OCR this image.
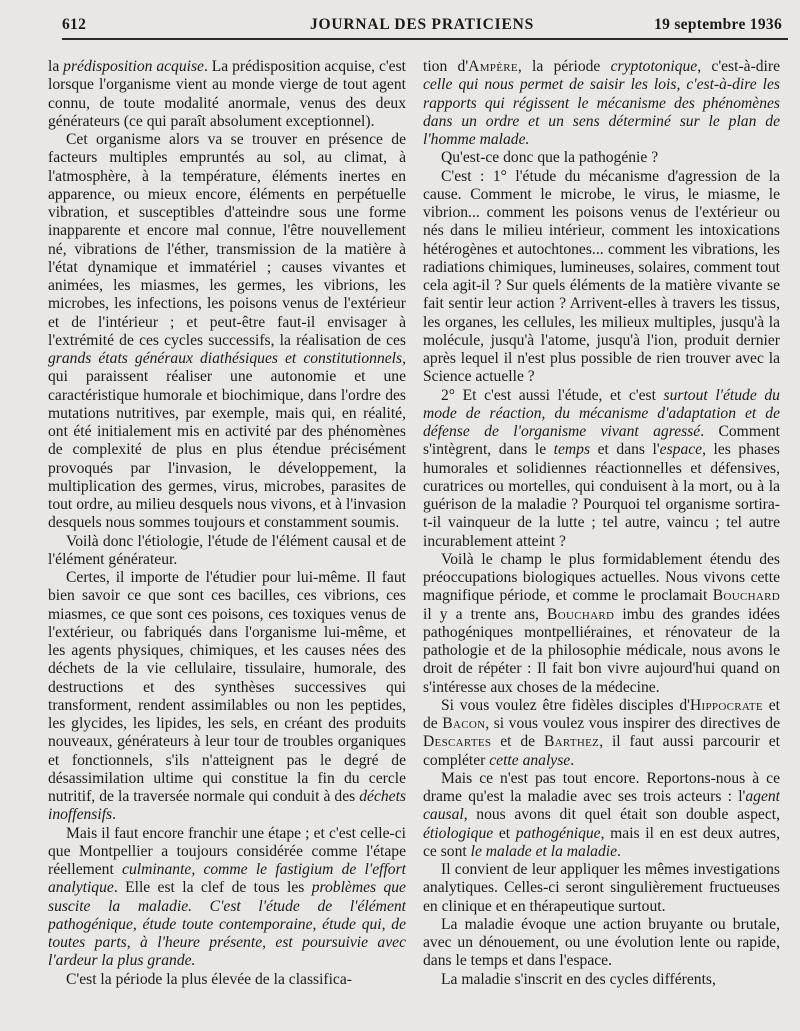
612	JOURNAL DES PRATICIENS	19 septembre 1936

la prédisposition acquise. La prédisposition acquise, c'est lorsque l'organisme vient au monde vierge de tout agent connu, de toute modalité anormale, venus des deux générateurs (ce qui paraît absolument exceptionnel).

Cet organisme alors va se trouver en présence de facteurs multiples empruntés au sol, au climat, à l'atmosphère, à la température, éléments inertes en apparence, ou mieux encore, éléments en perpétuelle vibration, et susceptibles d'atteindre sous une forme inapparente et encore mal connue, l'être nouvellement né, vibrations de l'éther, transmission de la matière à l'état dynamique et immatériel ; causes vivantes et animées, les miasmes, les germes, les vibrions, les microbes, les infections, les poisons venus de l'extérieur et de l'intérieur ; et peut-être faut-il envisager à l'extrémité de ces cycles successifs, la réalisation de ces grands états généraux diathésiques et constitutionnels, qui paraissent réaliser une autonomie et une caractéristique humorale et biochimique, dans l'ordre des mutations nutritives, par exemple, mais qui, en réalité, ont été initialement mis en activité par des phénomènes de complexité de plus en plus étendue précisément provoqués par l'invasion, le développement, la multiplication des germes, virus, microbes, parasites de tout ordre, au milieu desquels nous vivons, et à l'invasion desquels nous sommes toujours et constamment soumis.

Voilà donc l'étiologie, l'étude de l'élément causal et de l'élément générateur.

Certes, il importe de l'étudier pour lui-même. Il faut bien savoir ce que sont ces bacilles, ces vibrions, ces miasmes, ce que sont ces poisons, ces toxiques venus de l'extérieur, ou fabriqués dans l'organisme lui-même, et les agents physiques, chimiques, et les causes nées des déchets de la vie cellulaire, tissulaire, humorale, des destructions et des synthèses successives qui transforment, rendent assimilables ou non les peptides, les glycides, les lipides, les sels, en créant des produits nouveaux, générateurs à leur tour de troubles organiques et fonctionnels, s'ils n'atteignent pas le degré de désassimilation ultime qui constitue la fin du cercle nutritif, de la traversée normale qui conduit à des déchets inoffensifs.

Mais il faut encore franchir une étape ; et c'est celle-ci que Montpellier a toujours considérée comme l'étape réellement culminante, comme le fastigium de l'effort analytique. Elle est la clef de tous les problèmes que suscite la maladie. C'est l'étude de l'élément pathogénique, étude toute contemporaine, étude qui, de toutes parts, à l'heure présente, est poursuivie avec l'ardeur la plus grande.

C'est la période la plus élevée de la classifica-

tion d'Ampère, la période cryptotonique, c'est-à-dire celle qui nous permet de saisir les lois, c'est-à-dire les rapports qui régissent le mécanisme des phénomènes dans un ordre et un sens déterminé sur le plan de l'homme malade.

Qu'est-ce donc que la pathogénie ?

C'est : 1° l'étude du mécanisme d'agression de la cause. Comment le microbe, le virus, le miasme, le vibrion... comment les poisons venus de l'extérieur ou nés dans le milieu intérieur, comment les intoxications hétérogènes et autochtones... comment les vibrations, les radiations chimiques, lumineuses, solaires, comment tout cela agit-il ? Sur quels éléments de la matière vivante se fait sentir leur action ? Arrivent-elles à travers les tissus, les organes, les cellules, les milieux multiples, jusqu'à la molécule, jusqu'à l'atome, jusqu'à l'ion, produit dernier après lequel il n'est plus possible de rien trouver avec la Science actuelle ?

2° Et c'est aussi l'étude, et c'est surtout l'étude du mode de réaction, du mécanisme d'adaptation et de défense de l'organisme vivant agressé. Comment s'intègrent, dans le temps et dans l'espace, les phases humorales et solidiennes réactionnelles et défensives, curatrices ou mortelles, qui conduisent à la mort, ou à la guérison de la maladie ? Pourquoi tel organisme sortira-t-il vainqueur de la lutte ; tel autre, vaincu ; tel autre incurablement atteint ?

Voilà le champ le plus formidablement étendu des préoccupations biologiques actuelles. Nous vivons cette magnifique période, et comme le proclamait Bouchard il y a trente ans, Bouchard imbu des grandes idées pathogéniques montpelliéraines, et rénovateur de la pathologie et de la philosophie médicale, nous avons le droit de répéter : Il fait bon vivre aujourd'hui quand on s'intéresse aux choses de la médecine.

Si vous voulez être fidèles disciples d'Hippocrate et de Bacon, si vous voulez vous inspirer des directives de Descartes et de Barthez, il faut aussi parcourir et compléter cette analyse.

Mais ce n'est pas tout encore. Reportons-nous à ce drame qu'est la maladie avec ses trois acteurs : l'agent causal, nous avons dit quel était son double aspect, étiologique et pathogénique, mais il en est deux autres, ce sont le malade et la maladie.

Il convient de leur appliquer les mêmes investigations analytiques. Celles-ci seront singulièrement fructueuses en clinique et en thérapeutique surtout.

La maladie évoque une action bruyante ou brutale, avec un dénouement, ou une évolution lente ou rapide, dans le temps et dans l'espace.

La maladie s'inscrit en des cycles différents,
